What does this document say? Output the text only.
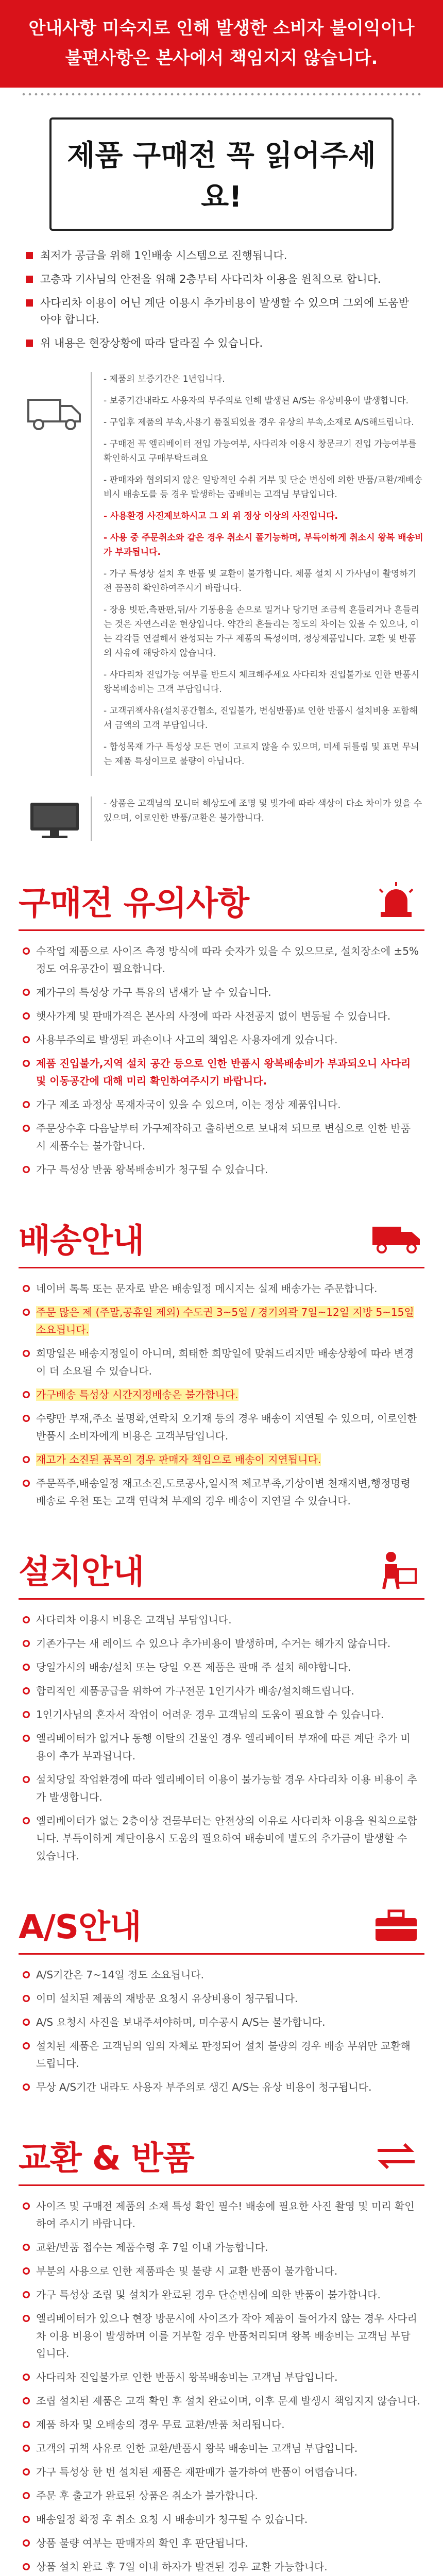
안내사항 미숙지로 인해 발생한 소비자 불이익이나

불편사항은 본사에서 책임지지 않습니다.

제품 구매전 꼭 읽어주세요!
최저가 공급을 위해 1인배송 시스템으로 진행됩니다.
고층과 기사님의 안전을 위해 2층부터 사다리차 이용을 원칙으로 합니다.
사다리차 이용이 어닌 계단 이용시 추가비용이 발생할 수 있으며 그외에 도움받아야 합니다.
위 내용은 현장상황에 따라 달라질 수 있습니다.

- 제품의 보증기간은 1년입니다.

- 보증기간내라도 사용자의 부주의로 인해 발생된 A/S는 유상비용이 발생합니다.

- 구입후 제품의 부속,사용기 품질되었을 경우 유상의 부속,소재로 A/S해드립니다.

- 구매전 꼭 엘리베이터 전입 가능여부, 사다리차 이용시 창문크기 진입 가능여부를 확인하시고 구매부탁드려요

- 판매자와 협의되지 않은 일방적인 수취 거부 및 단순 변심에 의한 반품/교환/재배송 비시 배송도를 등 경우 발생하는 곱배비는 고객님 부담입니다.

- 사용환경 사진제보하시고 그 외 위 정상 이상의 사진입니다.

- 사용 중 주문취소와 같은 경우 취소시 폴기능하며, 부득이하게 취소시 왕복 배송비가 부과됩니다.

- 가구 특성상 설치 후 반품 및 교환이 불가합니다. 제품 설치 시 가사님이 촬영하기 전 꼼꼼히 확인하여주시기 바랍니다.

- 장용 빗판,측판판,뒤/사 기동용을 손으로 밀거나 당기면 조금씩 흔들리거나 흔들리는 것은 자연스러운 현상입니다. 약간의 흔들리는 정도의 차이는 있을 수 있으나, 이는 각각들 연결해서 완성되는 가구 제품의 특성이며, 정상제품입니다. 교환 및 반품의 사유에 해당하지 않습니다.

- 사다리차 진입가능 여부를 반드시 체크해주세요 사다리차 진입불가로 인한 반품시 왕복배송비는 고객 부담입니다.

- 고객귀책사유(설치공간협소, 진입불가, 변심반품)로 인한 반품시 설치비용 포함해서 금액의 고객 부담입니다.

- 합성목재 가구 특성상 모든 면이 고르지 않을 수 있으며, 미세 뒤틀림 및 표면 무늬는 제품 특성이므로 불량이 아닙니다.

- 상품은 고객님의 모니터 해상도에 조명 및 빛가에 따라 색상이 다소 차이가 있을 수 있으며, 이로인한 반품/교환은 불가합니다.

구매전 유의사항
수작업 제품으로 사이즈 측정 방식에 따라 숫자가 있을 수 있으므로, 설치장소에 ±5%정도 여유공간이 필요합니다.
제가구의 특성상 가구 특유의 냄새가 날 수 있습니다.
햇사가계 및 판매가격은 본사의 사정에 따라 사전공지 없이 변동될 수 있습니다.
사용부주의로 발생된 파손이나 사고의 책임은 사용자에게 있습니다.
제품 진입불가,지역 설치 공간 등으로 인한 반품시 왕복배송비가 부과되오니 사다리 및 이동공간에 대해 미리 확인하여주시기 바랍니다.
가구 제조 과정상 목재자국이 있을 수 있으며, 이는 정상 제품입니다.
주문상수후 다음날부터 가구제작하고 출하번으로 보내져 되므로 변심으로 인한 반품시 제품수는 불가합니다.
가구 특성상 반품 왕복배송비가 청구될 수 있습니다.
배송안내
네이버 톡톡 또는 문자로 받은 배송일정 메시지는 실제 배송가는 주문합니다.
주문 많은 제 (주말,공휴일 제외) 수도권 3~5일 / 경기외곽 7일~12일 지방 5~15일 소요됩니다.
희망일은 배송지정일이 아니며, 희태한 희망일에 맞춰드리지만 배송상황에 따라 변경이 더 소요될 수 있습니다.
가구배송 특성상 시간지정배송은 불가합니다.
수량만 부재,주소 불명확,연락처 오기재 등의 경우 배송이 지연될 수 있으며, 이로인한 반품시 소비자에게 비용은 고객부담입니다.
재고가 소진된 품목의 경우 판매자 책임으로 배송이 지연됩니다.
주문폭주,배송일정 재고소진,도로공사,일시적 제고부족,기상이변 천재지변,행정명령 배송로 우천 또는 고객 연락처 부재의 경우 배송이 지연될 수 있습니다.
설치안내
사다리차 이용시 비용은 고객님 부담입니다.
기존가구는 새 레이드 수 있으나 추가비용이 발생하며, 수거는 해가지 않습니다.
당일가시의 배송/설치 또는 당일 오픈 제품은 판매 주 설치 해야합니다.
합리적인 제품공급을 위하여 가구전문 1인기사가 배송/설치해드립니다.
1인기사님의 혼자서 작업이 어려운 경우 고객님의 도움이 필요할 수 있습니다.
엘리베이터가 없거나 동행 이탈의 건물인 경우 엘리베이터 부재에 따른 계단 추가 비용이 추가 부과됩니다.
설치당일 작업환경에 따라 엘리베이터 이용이 불가능할 경우 사다리차 이용 비용이 추가 발생합니다.
엘리베이터가 없는 2층이상 건물부터는 안전상의 이유로 사다리차 이용을 원칙으로합니다. 부득이하게 계단이용시 도움의 필요하여 배송비에 별도의 추가금이 발생할 수 있습니다.
A/S안내
A/S기간은 7~14일 정도 소요됩니다.
이미 설치된 제품의 재방문 요청시 유상비용이 청구됩니다.
A/S 요청시 사진을 보내주셔야하며, 미수공시 A/S는 불가합니다.
설치된 제품은 고객님의 임의 자체로 판정되어 설치 불량의 경우 배송 부위만 교환해드립니다.
무상 A/S기간 내라도 사용자 부주의로 생긴 A/S는 유상 비용이 청구됩니다.
교환 & 반품
사이즈 및 구매전 제품의 소재 특성 확인 필수! 배송에 필요한 사진 촬영 및 미리 확인하여 주시기 바랍니다.
교환/반품 접수는 제품수령 후 7일 이내 가능합니다.
부분의 사용으로 인한 제품파손 및 불량 시 교환 반품이 불가합니다.
가구 특성상 조립 및 설치가 완료된 경우 단순변심에 의한 반품이 불가합니다.
엘리베이터가 있으나 현장 방문시에 사이즈가 작아 제품이 들어가지 않는 경우 사다리차 이용 비용이 발생하며 이를 거부할 경우 반품처리되며 왕복 배송비는 고객님 부담입니다.
사다리차 진입불가로 인한 반품시 왕복배송비는 고객님 부담입니다.
조립 설치된 제품은 고객 확인 후 설치 완료이며, 이후 문제 발생시 책임지지 않습니다.
제품 하자 및 오배송의 경우 무료 교환/반품 처리됩니다.
고객의 귀책 사유로 인한 교환/반품시 왕복 배송비는 고객님 부담입니다.
가구 특성상 한 번 설치된 제품은 재판매가 불가하여 반품이 어렵습니다.
주문 후 출고가 완료된 상품은 취소가 불가합니다.
배송일정 확정 후 취소 요청 시 배송비가 청구될 수 있습니다.
상품 불량 여부는 판매자의 확인 후 판단됩니다.
상품 설치 완료 후 7일 이내 하자가 발견된 경우 교환 가능합니다.
